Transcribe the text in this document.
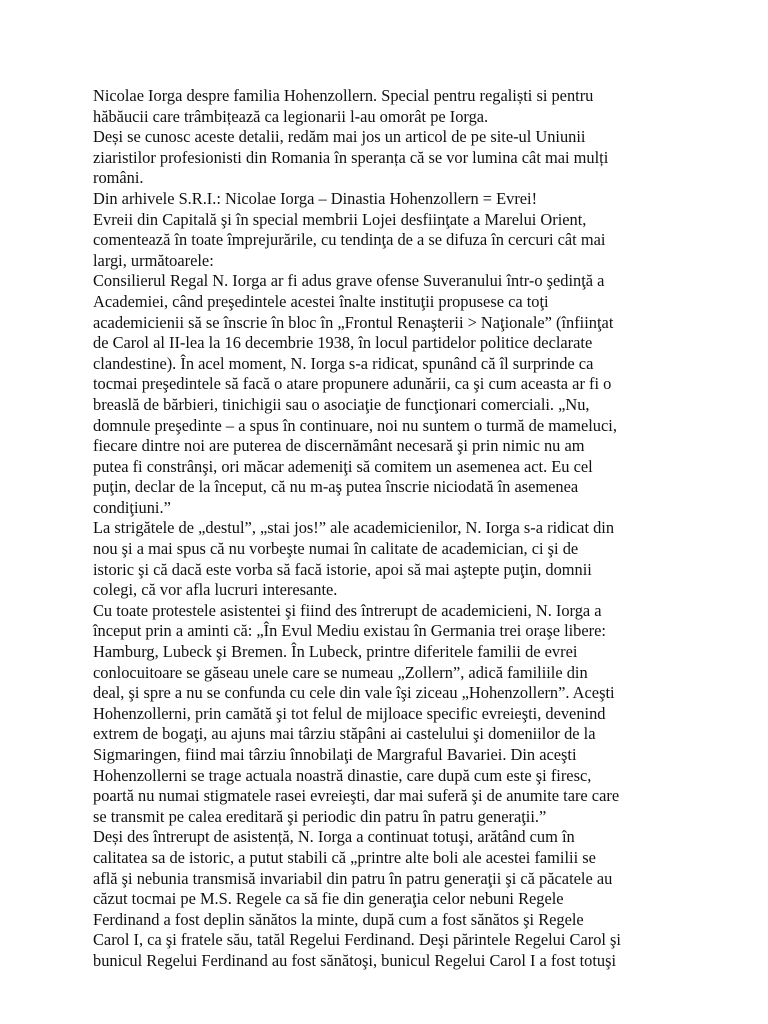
Nicolae Iorga despre familia Hohenzollern. Special pentru regaliști si pentru
hăbăucii care trâmbițează ca legionarii l-au omorât pe Iorga.
Deși se cunosc aceste detalii, redăm mai jos un articol de pe site-ul Uniunii
ziaristilor profesionisti din Romania în speranța că se vor lumina cât mai mulți
români.
Din arhivele S.R.I.: Nicolae Iorga – Dinastia Hohenzollern = Evrei!
Evreii din Capitală şi în special membrii Lojei desfiinţate a Marelui Orient,
comentează în toate împrejurările, cu tendinţa de a se difuza în cercuri cât mai
largi, următoarele:
Consilierul Regal N. Iorga ar fi adus grave ofense Suveranului într-o şedinţă a
Academiei, când preşedintele acestei înalte instituţii propusese ca toţi
academicienii să se înscrie în bloc în „Frontul Renaşterii > Naţionale” (înfiinţat
de Carol al II-lea la 16 decembrie 1938, în locul partidelor politice declarate
clandestine). În acel moment, N. Iorga s-a ridicat, spunând că îl surprinde ca
tocmai preşedintele să facă o atare propunere adunării, ca şi cum aceasta ar fi o
breaslă de bărbieri, tinichigii sau o asociaţie de funcţionari comerciali. „Nu,
domnule preşedinte – a spus în continuare, noi nu suntem o turmă de mameluci,
fiecare dintre noi are puterea de discernământ necesară şi prin nimic nu am
putea fi constrânşi, ori măcar ademeniţi să comitem un asemenea act. Eu cel
puţin, declar de la început, că nu m-aş putea înscrie niciodată în asemenea
condiţiuni.”
La strigătele de „destul”, „stai jos!” ale academicienilor, N. Iorga s-a ridicat din
nou şi a mai spus că nu vorbeşte numai în calitate de academician, ci şi de
istoric şi că dacă este vorba să facă istorie, apoi să mai aştepte puţin, domnii
colegi, că vor afla lucruri interesante.
Cu toate protestele asistentei şi fiind des întrerupt de academicieni, N. Iorga a
început prin a aminti că: „În Evul Mediu existau în Germania trei oraşe libere:
Hamburg, Lubeck şi Bremen. În Lubeck, printre diferitele familii de evrei
conlocuitoare se găseau unele care se numeau „Zollern”, adică familiile din
deal, şi spre a nu se confunda cu cele din vale îşi ziceau „Hohenzollern”. Aceşti
Hohenzollerni, prin camătă şi tot felul de mijloace specific evreieşti, devenind
extrem de bogaţi, au ajuns mai târziu stăpâni ai castelului şi domeniilor de la
Sigmaringen, fiind mai târziu înnobilaţi de Margraful Bavariei. Din aceşti
Hohenzollerni se trage actuala noastră dinastie, care după cum este şi firesc,
poartă nu numai stigmatele rasei evreieşti, dar mai suferă şi de anumite tare care
se transmit pe calea ereditară şi periodic din patru în patru generaţii.”
Deși des întrerupt de asistență, N. Iorga a continuat totuşi, arătând cum în
calitatea sa de istoric, a putut stabili că „printre alte boli ale acestei familii se
află şi nebunia transmisă invariabil din patru în patru generaţii şi că păcatele au
căzut tocmai pe M.S. Regele ca să fie din generaţia celor nebuni Regele
Ferdinand a fost deplin sănătos la minte, după cum a fost sănătos şi Regele
Carol I, ca şi fratele său, tatăl Regelui Ferdinand. Deşi părintele Regelui Carol şi
bunicul Regelui Ferdinand au fost sănătoşi, bunicul Regelui Carol I a fost totuşi
